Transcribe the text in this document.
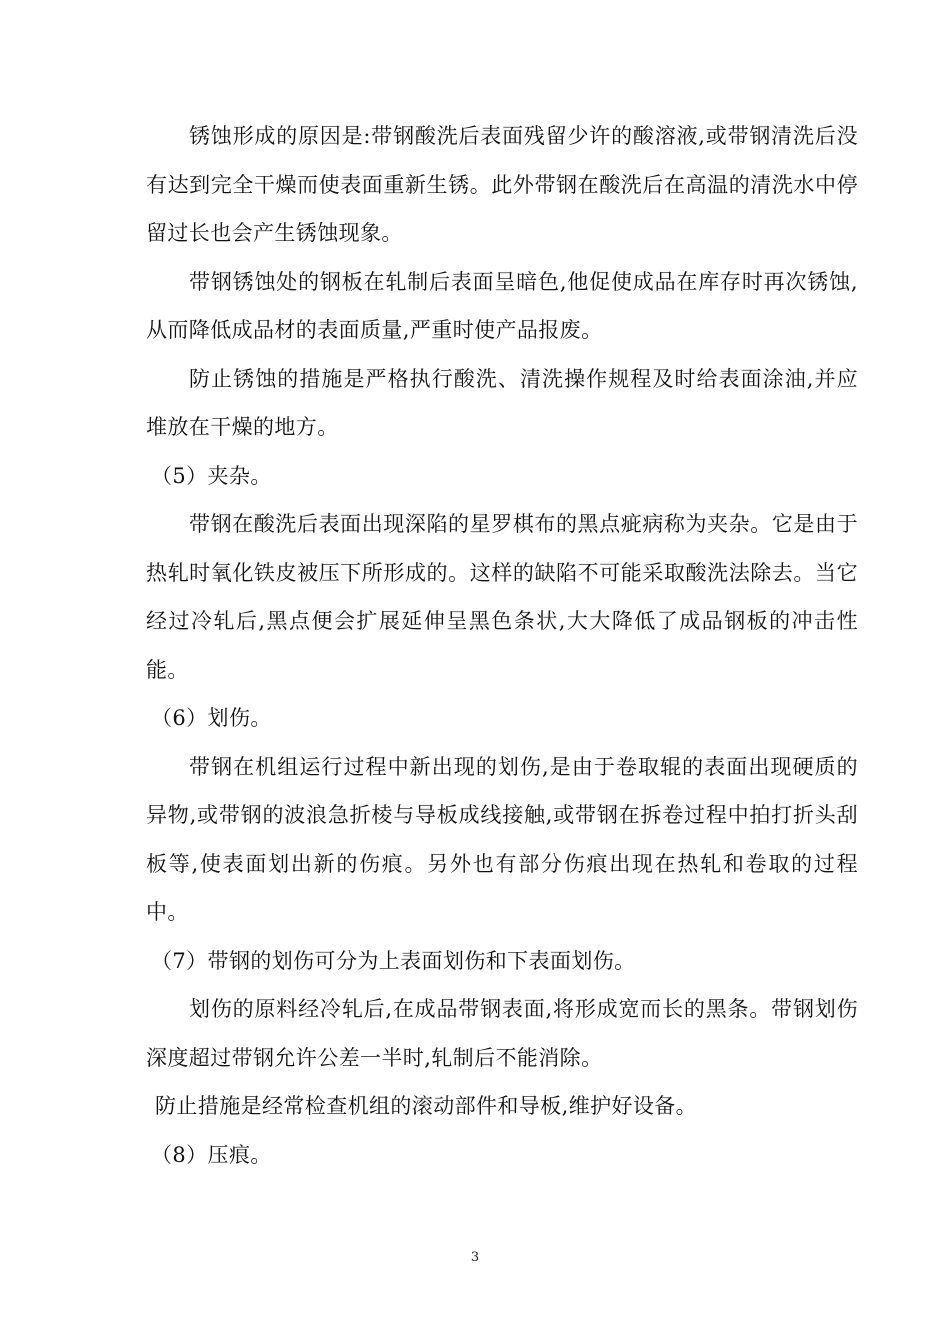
锈蚀形成的原因是:带钢酸洗后表面残留少许的酸溶液,或带钢清洗后没有达到完全干燥而使表面重新生锈。此外带钢在酸洗后在高温的清洗水中停留过长也会产生锈蚀现象。

带钢锈蚀处的钢板在轧制后表面呈暗色,他促使成品在库存时再次锈蚀,从而降低成品材的表面质量,严重时使产品报废。

防止锈蚀的措施是严格执行酸洗、清洗操作规程及时给表面涂油,并应堆放在干燥的地方。

（5）夹杂。

带钢在酸洗后表面出现深陷的星罗棋布的黑点疵病称为夹杂。它是由于热轧时氧化铁皮被压下所形成的。这样的缺陷不可能采取酸洗法除去。当它经过冷轧后,黑点便会扩展延伸呈黑色条状,大大降低了成品钢板的冲击性能。

（6）划伤。

带钢在机组运行过程中新出现的划伤,是由于卷取辊的表面出现硬质的异物,或带钢的波浪急折棱与导板成线接触,或带钢在拆卷过程中拍打折头刮板等,使表面划出新的伤痕。另外也有部分伤痕出现在热轧和卷取的过程中。

（7）带钢的划伤可分为上表面划伤和下表面划伤。

划伤的原料经冷轧后,在成品带钢表面,将形成宽而长的黑条。带钢划伤深度超过带钢允许公差一半时,轧制后不能消除。

防止措施是经常检查机组的滚动部件和导板,维护好设备。

（8）压痕。

3
